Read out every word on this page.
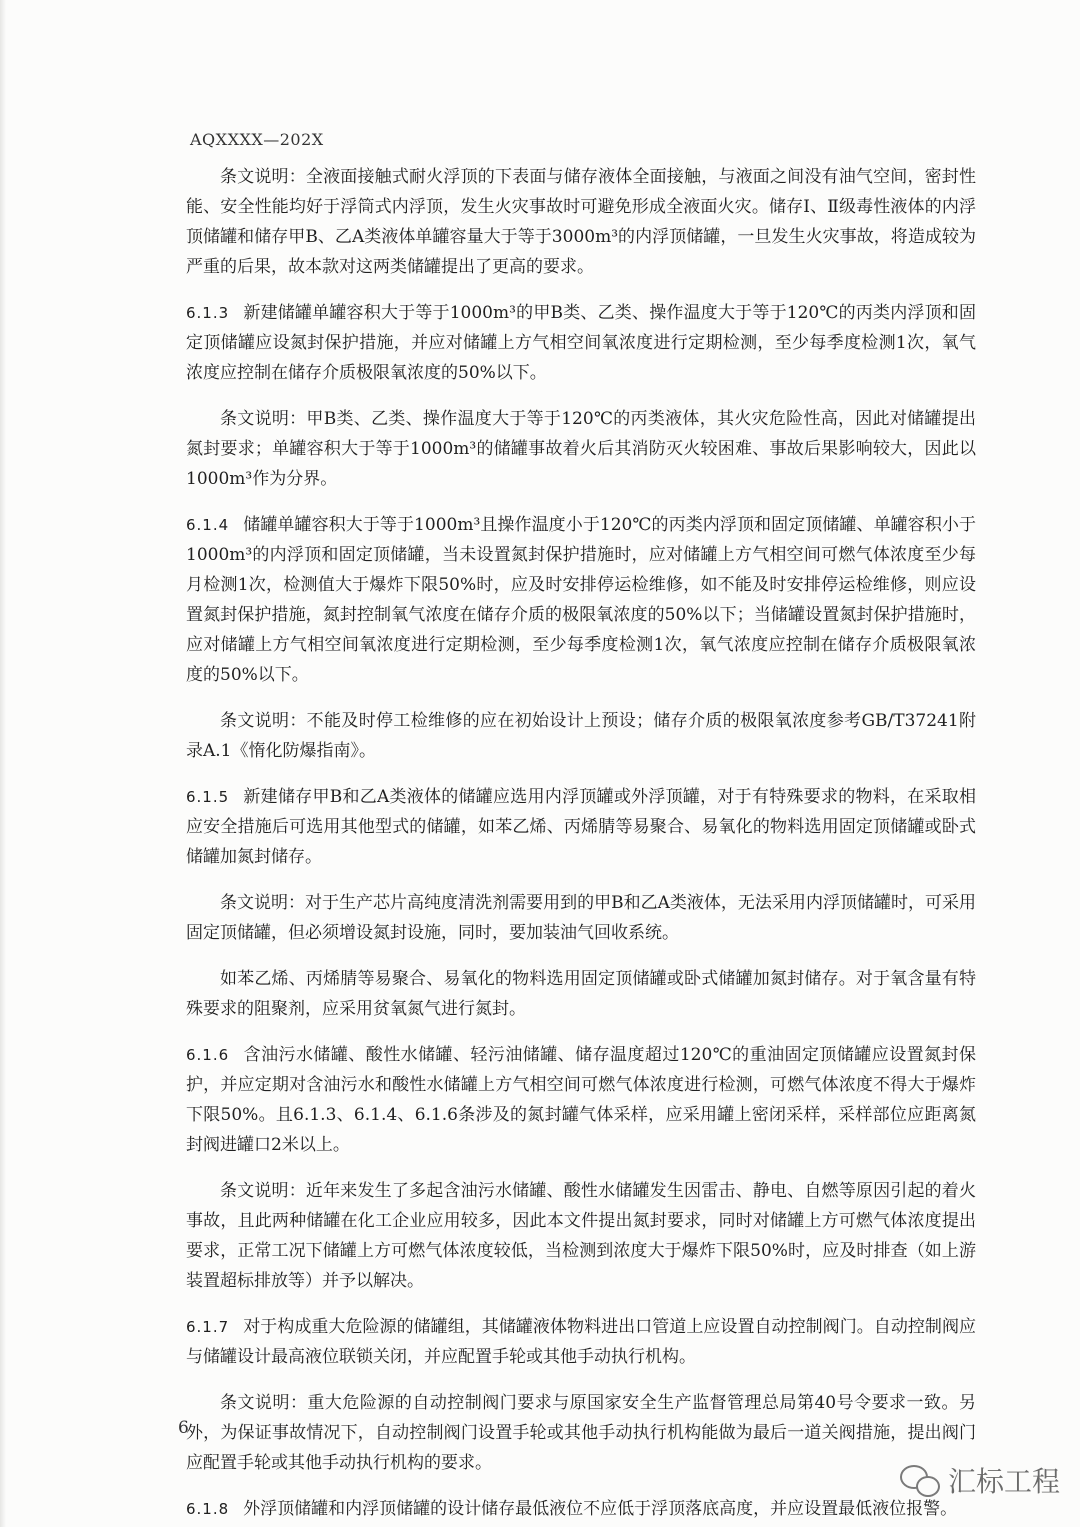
AQXXXX—202X

条文说明：全液面接触式耐火浮顶的下表面与储存液体全面接触，与液面之间没有油气空间，密封性能、安全性能均好于浮筒式内浮顶，发生火灾事故时可避免形成全液面火灾。储存Ⅰ、Ⅱ级毒性液体的内浮顶储罐和储存甲B、乙A类液体单罐容量大于等于3000m³的内浮顶储罐，一旦发生火灾事故，将造成较为严重的后果，故本款对这两类储罐提出了更高的要求。

6.1.3 新建储罐单罐容积大于等于1000m³的甲B类、乙类、操作温度大于等于120℃的丙类内浮顶和固定顶储罐应设氮封保护措施，并应对储罐上方气相空间氧浓度进行定期检测，至少每季度检测1次，氧气浓度应控制在储存介质极限氧浓度的50%以下。

条文说明：甲B类、乙类、操作温度大于等于120℃的丙类液体，其火灾危险性高，因此对储罐提出氮封要求；单罐容积大于等于1000m³的储罐事故着火后其消防灭火较困难、事故后果影响较大，因此以1000m³作为分界。

6.1.4 储罐单罐容积大于等于1000m³且操作温度小于120℃的丙类内浮顶和固定顶储罐、单罐容积小于1000m³的内浮顶和固定顶储罐，当未设置氮封保护措施时，应对储罐上方气相空间可燃气体浓度至少每月检测1次，检测值大于爆炸下限50%时，应及时安排停运检维修，如不能及时安排停运检维修，则应设置氮封保护措施，氮封控制氧气浓度在储存介质的极限氧浓度的50%以下；当储罐设置氮封保护措施时，应对储罐上方气相空间氧浓度进行定期检测，至少每季度检测1次，氧气浓度应控制在储存介质极限氧浓度的50%以下。

条文说明：不能及时停工检维修的应在初始设计上预设；储存介质的极限氧浓度参考GB/T37241附录A.1《惰化防爆指南》。

6.1.5 新建储存甲B和乙A类液体的储罐应选用内浮顶罐或外浮顶罐，对于有特殊要求的物料，在采取相应安全措施后可选用其他型式的储罐，如苯乙烯、丙烯腈等易聚合、易氧化的物料选用固定顶储罐或卧式储罐加氮封储存。

条文说明：对于生产芯片高纯度清洗剂需要用到的甲B和乙A类液体，无法采用内浮顶储罐时，可采用固定顶储罐，但必须增设氮封设施，同时，要加装油气回收系统。

如苯乙烯、丙烯腈等易聚合、易氧化的物料选用固定顶储罐或卧式储罐加氮封储存。对于氧含量有特殊要求的阻聚剂，应采用贫氧氮气进行氮封。

6.1.6 含油污水储罐、酸性水储罐、轻污油储罐、储存温度超过120℃的重油固定顶储罐应设置氮封保护，并应定期对含油污水和酸性水储罐上方气相空间可燃气体浓度进行检测，可燃气体浓度不得大于爆炸下限50%。且6.1.3、6.1.4、6.1.6条涉及的氮封罐气体采样，应采用罐上密闭采样，采样部位应距离氮封阀进罐口2米以上。

条文说明：近年来发生了多起含油污水储罐、酸性水储罐发生因雷击、静电、自燃等原因引起的着火事故，且此两种储罐在化工企业应用较多，因此本文件提出氮封要求，同时对储罐上方可燃气体浓度提出要求，正常工况下储罐上方可燃气体浓度较低，当检测到浓度大于爆炸下限50%时，应及时排查（如上游装置超标排放等）并予以解决。

6.1.7 对于构成重大危险源的储罐组，其储罐液体物料进出口管道上应设置自动控制阀门。自动控制阀应与储罐设计最高液位联锁关闭，并应配置手轮或其他手动执行机构。

条文说明：重大危险源的自动控制阀门要求与原国家安全生产监督管理总局第40号令要求一致。另外，为保证事故情况下，自动控制阀门设置手轮或其他手动执行机构能做为最后一道关阀措施，提出阀门应配置手轮或其他手动执行机构的要求。

6.1.8 外浮顶储罐和内浮顶储罐的设计储存最低液位不应低于浮顶落底高度，并应设置最低液位报警。

6
汇标工程
